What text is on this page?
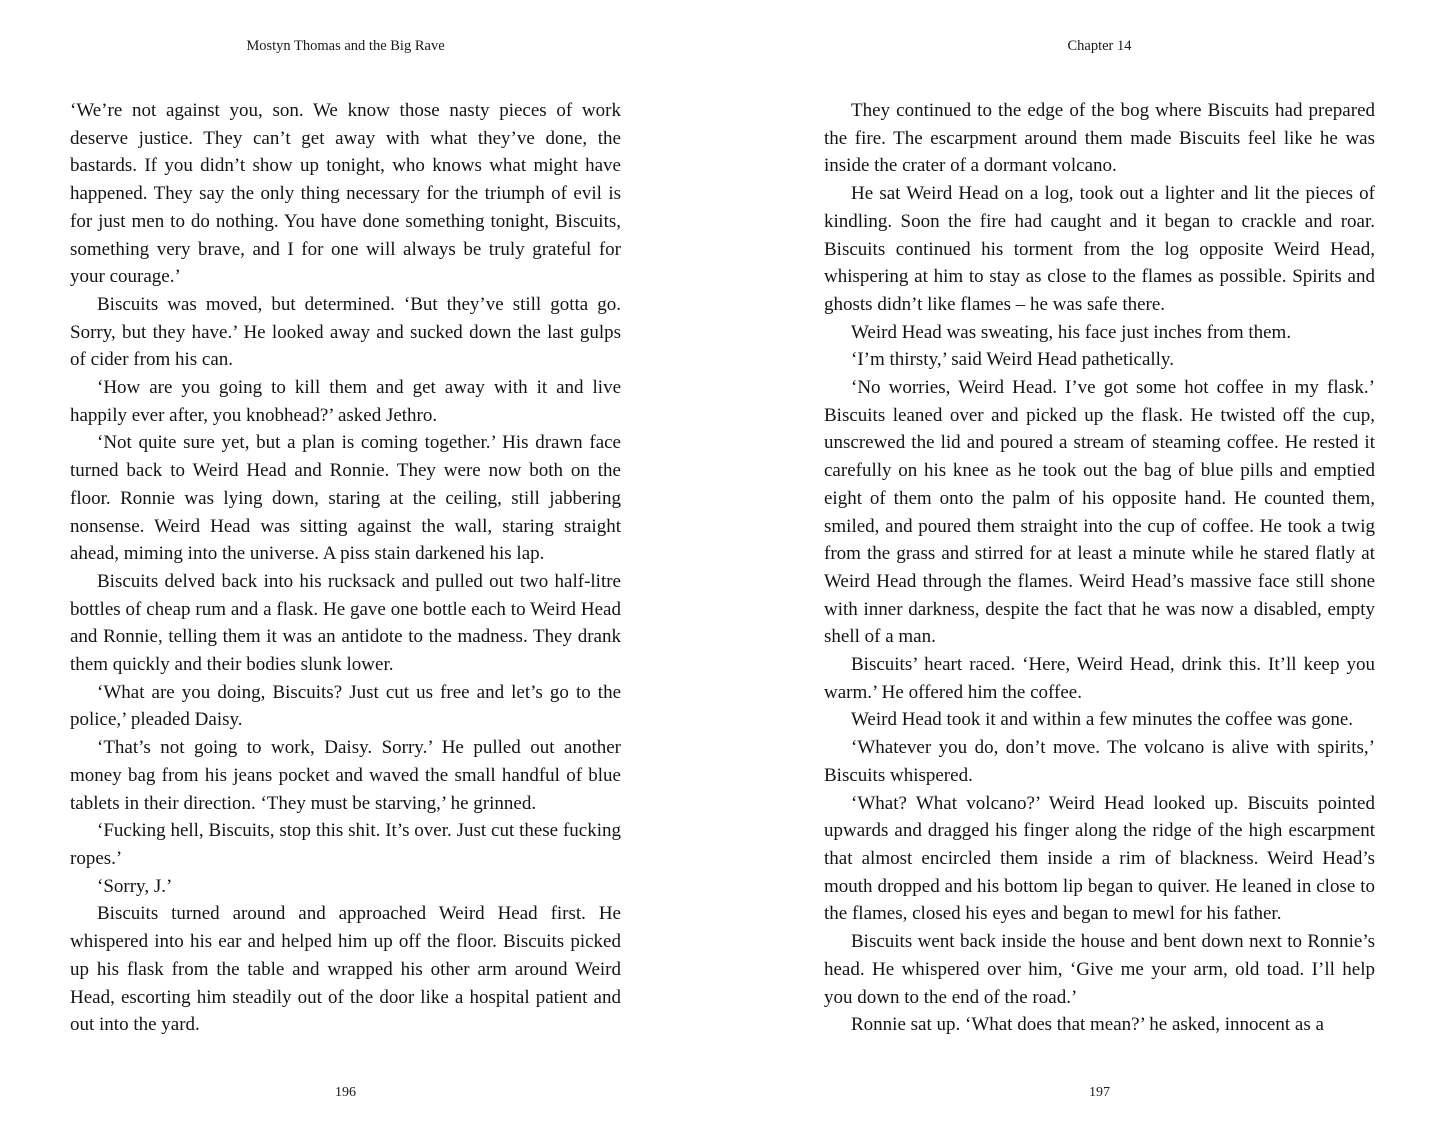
Mostyn Thomas and the Big Rave

‘We’re not against you, son. We know those nasty pieces of work deserve justice. They can’t get away with what they’ve done, the bastards. If you didn’t show up tonight, who knows what might have happened. They say the only thing necessary for the triumph of evil is for just men to do nothing. You have done something tonight, Biscuits, something very brave, and I for one will always be truly grateful for your courage.’

Biscuits was moved, but determined. ‘But they’ve still gotta go. Sorry, but they have.’ He looked away and sucked down the last gulps of cider from his can.

‘How are you going to kill them and get away with it and live happily ever after, you knobhead?’ asked Jethro.

‘Not quite sure yet, but a plan is coming together.’ His drawn face turned back to Weird Head and Ronnie. They were now both on the floor. Ronnie was lying down, staring at the ceiling, still jabbering nonsense. Weird Head was sitting against the wall, staring straight ahead, miming into the universe. A piss stain darkened his lap.

Biscuits delved back into his rucksack and pulled out two half-litre bottles of cheap rum and a flask. He gave one bottle each to Weird Head and Ronnie, telling them it was an antidote to the madness. They drank them quickly and their bodies slunk lower.

‘What are you doing, Biscuits? Just cut us free and let’s go to the police,’ pleaded Daisy.

‘That’s not going to work, Daisy. Sorry.’ He pulled out another money bag from his jeans pocket and waved the small handful of blue tablets in their direction. ‘They must be starving,’ he grinned.

‘Fucking hell, Biscuits, stop this shit. It’s over. Just cut these fucking ropes.’

‘Sorry, J.’

Biscuits turned around and approached Weird Head first. He whispered into his ear and helped him up off the floor. Biscuits picked up his flask from the table and wrapped his other arm around Weird Head, escorting him steadily out of the door like a hospital patient and out into the yard.

196
Chapter 14

They continued to the edge of the bog where Biscuits had prepared the fire. The escarpment around them made Biscuits feel like he was inside the crater of a dormant volcano.

He sat Weird Head on a log, took out a lighter and lit the pieces of kindling. Soon the fire had caught and it began to crackle and roar. Biscuits continued his torment from the log opposite Weird Head, whispering at him to stay as close to the flames as possible. Spirits and ghosts didn’t like flames – he was safe there.

Weird Head was sweating, his face just inches from them.

‘I’m thirsty,’ said Weird Head pathetically.

‘No worries, Weird Head. I’ve got some hot coffee in my flask.’ Biscuits leaned over and picked up the flask. He twisted off the cup, unscrewed the lid and poured a stream of steaming coffee. He rested it carefully on his knee as he took out the bag of blue pills and emptied eight of them onto the palm of his opposite hand. He counted them, smiled, and poured them straight into the cup of coffee. He took a twig from the grass and stirred for at least a minute while he stared flatly at Weird Head through the flames. Weird Head’s massive face still shone with inner darkness, despite the fact that he was now a disabled, empty shell of a man.

Biscuits’ heart raced. ‘Here, Weird Head, drink this. It’ll keep you warm.’ He offered him the coffee.

Weird Head took it and within a few minutes the coffee was gone.

‘Whatever you do, don’t move. The volcano is alive with spirits,’ Biscuits whispered.

‘What? What volcano?’ Weird Head looked up. Biscuits pointed upwards and dragged his finger along the ridge of the high escarpment that almost encircled them inside a rim of blackness. Weird Head’s mouth dropped and his bottom lip began to quiver. He leaned in close to the flames, closed his eyes and began to mewl for his father.

Biscuits went back inside the house and bent down next to Ronnie’s head. He whispered over him, ‘Give me your arm, old toad. I’ll help you down to the end of the road.’

Ronnie sat up. ‘What does that mean?’ he asked, innocent as a

197
